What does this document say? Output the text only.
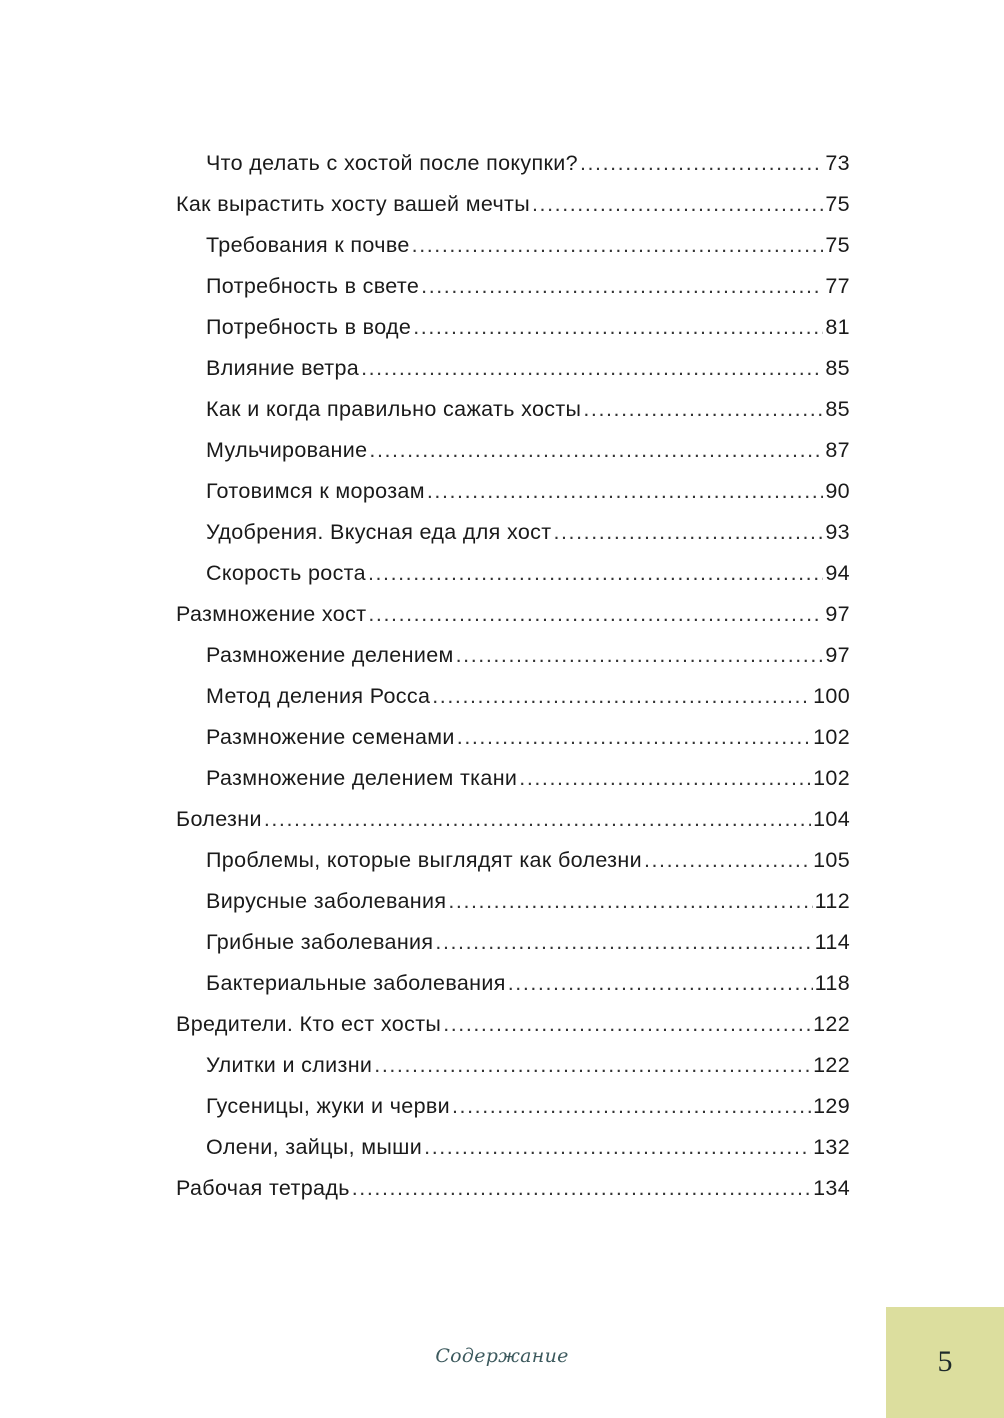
Что делать с хостой после покупки? . . .	73
Как вырастить хосту вашей мечты . . .	75
Требования к почве . . .	75
Потребность в свете . . .	77
Потребность в воде . . .	81
Влияние ветра . . .	85
Как и когда правильно сажать хосты . . .	85
Мульчирование . . .	87
Готовимся к морозам . . .	90
Удобрения. Вкусная еда для хост . . .	93
Скорость роста . . .	94
Размножение хост . . .	97
Размножение делением . . .	97
Метод деления Росса . . .	100
Размножение семенами . . .	102
Размножение делением ткани . . .	102
Болезни . . .	104
Проблемы, которые выглядят как болезни . . .	105
Вирусные заболевания . . .	112
Грибные заболевания . . .	114
Бактериальные заболевания . . .	118
Вредители. Кто ест хосты . . .	122
Улитки и слизни . . .	122
Гусеницы, жуки и черви . . .	129
Олени, зайцы, мыши . . .	132
Рабочая тетрадь . . .	134
Содержание	5
